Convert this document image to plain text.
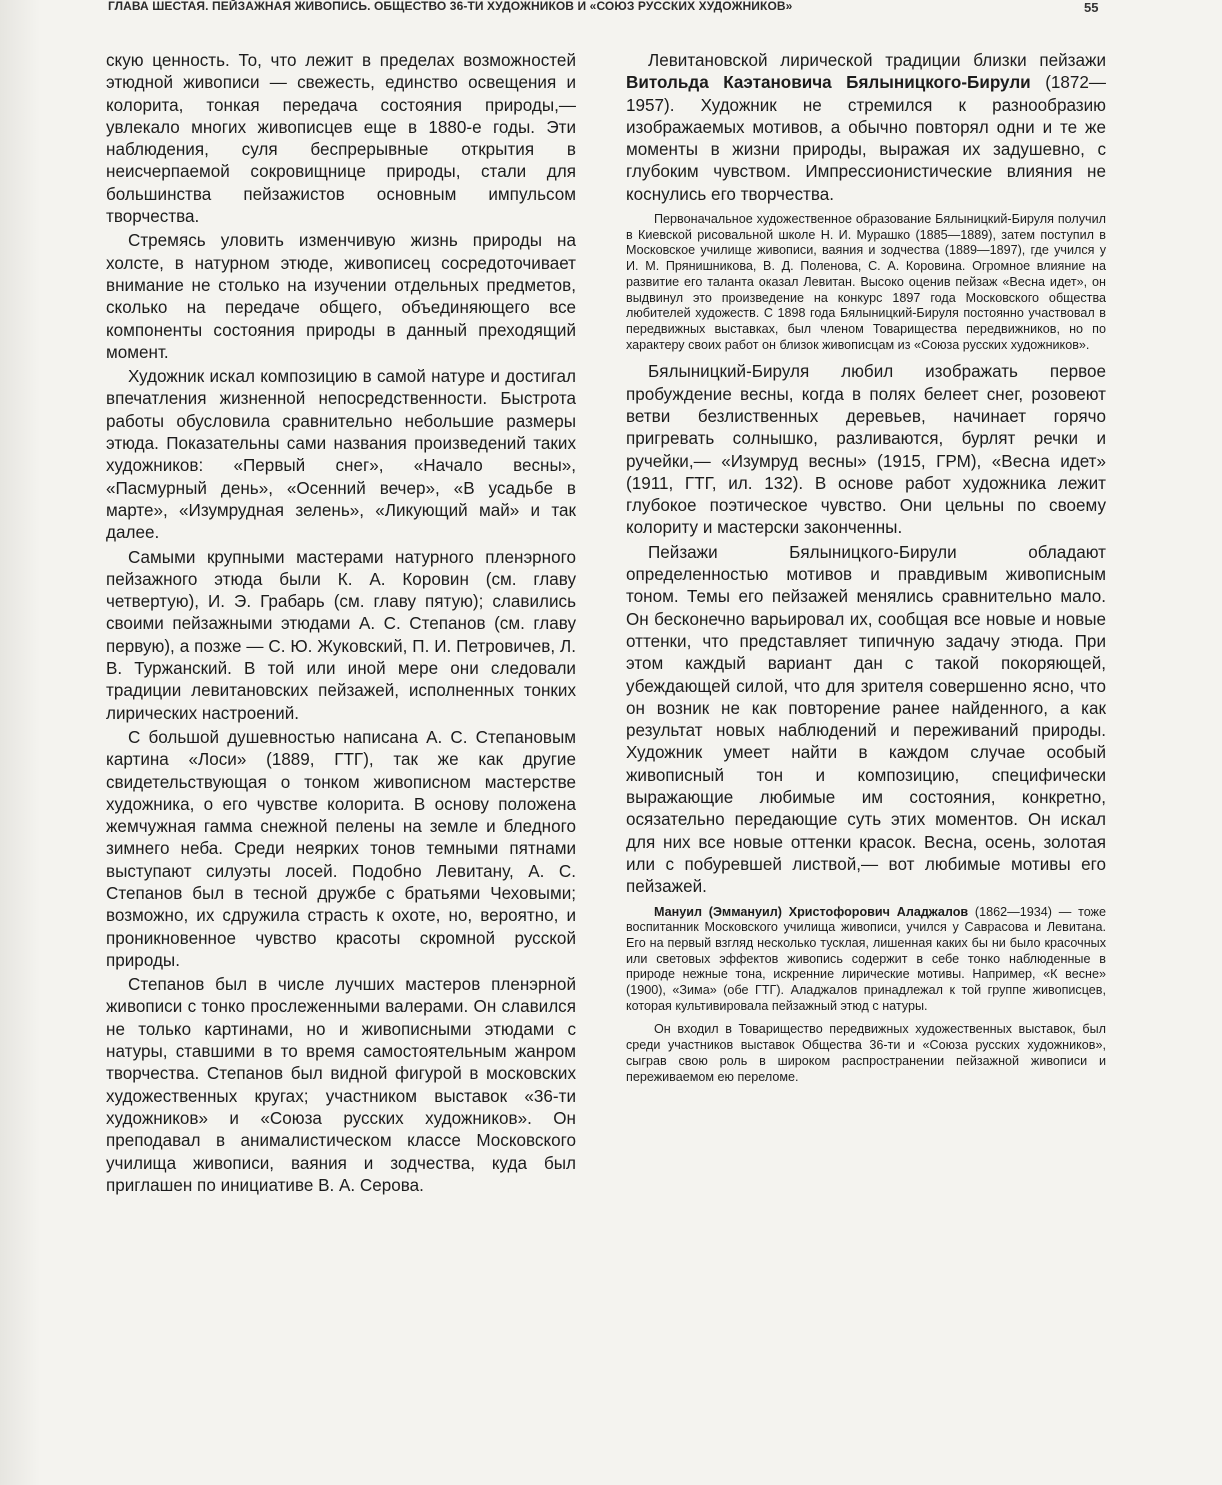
ГЛАВА ШЕСТАЯ. ПЕЙЗАЖНАЯ ЖИВОПИСЬ. ОБЩЕСТВО 36-ТИ ХУДОЖНИКОВ И «СОЮЗ РУССКИХ ХУДОЖНИКОВ»	55

скую ценность. То, что лежит в пределах возможностей этюдной живописи — свежесть, единство освещения и колорита, тонкая передача состояния природы,— увлекало многих живописцев еще в 1880-е годы. Эти наблюдения, суля беспрерывные открытия в неисчерпаемой сокровищнице природы, стали для большинства пейзажистов основным импульсом творчества.

Стремясь уловить изменчивую жизнь природы на холсте, в натурном этюде, живописец сосредоточивает внимание не столько на изучении отдельных предметов, сколько на передаче общего, объединяющего все компоненты состояния природы в данный преходящий момент.

Художник искал композицию в самой натуре и достигал впечатления жизненной непосредственности. Быстрота работы обусловила сравнительно небольшие размеры этюда. Показательны сами названия произведений таких художников: «Первый снег», «Начало весны», «Пасмурный день», «Осенний вечер», «В усадьбе в марте», «Изумрудная зелень», «Ликующий май» и так далее.

Самыми крупными мастерами натурного пленэрного пейзажного этюда были К. А. Коровин (см. главу четвертую), И. Э. Грабарь (см. главу пятую); славились своими пейзажными этюдами А. С. Степанов (см. главу первую), а позже — С. Ю. Жуковский, П. И. Петровичев, Л. В. Туржанский. В той или иной мере они следовали традиции левитановских пейзажей, исполненных тонких лирических настроений.

С большой душевностью написана А. С. Степановым картина «Лоси» (1889, ГТГ), так же как другие свидетельствующая о тонком живописном мастерстве художника, о его чувстве колорита. В основу положена жемчужная гамма снежной пелены на земле и бледного зимнего неба. Среди неярких тонов темными пятнами выступают силуэты лосей. Подобно Левитану, А. С. Степанов был в тесной дружбе с братьями Чеховыми; возможно, их сдружила страсть к охоте, но, вероятно, и проникновенное чувство красоты скромной русской природы.

Степанов был в числе лучших мастеров пленэрной живописи с тонко прослеженными валерами. Он славился не только картинами, но и живописными этюдами с натуры, ставшими в то время самостоятельным жанром творчества. Степанов был видной фигурой в московских художественных кругах; участником выставок «36-ти художников» и «Союза русских художников». Он преподавал в анималистическом классе Московского училища живописи, ваяния и зодчества, куда был приглашен по инициативе В. А. Серова.

Левитановской лирической традиции близки пейзажи Витольда Каэтановича Бялыницкого-Бирули (1872—1957). Художник не стремился к разнообразию изображаемых мотивов, а обычно повторял одни и те же моменты в жизни природы, выражая их задушевно, с глубоким чувством. Импрессионистические влияния не коснулись его творчества.

Первоначальное художественное образование Бялыницкий-Бируля получил в Киевской рисовальной школе Н. И. Мурашко (1885—1889), затем поступил в Московское училище живописи, ваяния и зодчества (1889—1897), где учился у И. М. Прянишникова, В. Д. Поленова, С. А. Коровина. Огромное влияние на развитие его таланта оказал Левитан. Высоко оценив пейзаж «Весна идет», он выдвинул это произведение на конкурс 1897 года Московского общества любителей художеств. С 1898 года Бялыницкий-Бируля постоянно участвовал в передвижных выставках, был членом Товарищества передвижников, но по характеру своих работ он близок живописцам из «Союза русских художников».

Бялыницкий-Бируля любил изображать первое пробуждение весны, когда в полях белеет снег, розовеют ветви безлиственных деревьев, начинает горячо пригревать солнышко, разливаются, бурлят речки и ручейки,— «Изумруд весны» (1915, ГРМ), «Весна идет» (1911, ГТГ, ил. 132). В основе работ художника лежит глубокое поэтическое чувство. Они цельны по своему колориту и мастерски законченны.

Пейзажи Бялыницкого-Бирули обладают определенностью мотивов и правдивым живописным тоном. Темы его пейзажей менялись сравнительно мало. Он бесконечно варьировал их, сообщая все новые и новые оттенки, что представляет типичную задачу этюда. При этом каждый вариант дан с такой покоряющей, убеждающей силой, что для зрителя совершенно ясно, что он возник не как повторение ранее найденного, а как результат новых наблюдений и переживаний природы. Художник умеет найти в каждом случае особый живописный тон и композицию, специфически выражающие любимые им состояния, конкретно, осязательно передающие суть этих моментов. Он искал для них все новые оттенки красок. Весна, осень, золотая или с побуревшей листвой,— вот любимые мотивы его пейзажей.

Мануил (Эммануил) Христофорович Аладжалов (1862—1934) — тоже воспитанник Московского училища живописи, учился у Саврасова и Левитана. Его на первый взгляд несколько тусклая, лишенная каких бы ни было красочных или световых эффектов живопись содержит в себе тонко наблюденные в природе нежные тона, искренние лирические мотивы. Например, «К весне» (1900), «Зима» (обе ГТГ). Аладжалов принадлежал к той группе живописцев, которая культивировала пейзажный этюд с натуры.

Он входил в Товарищество передвижных художественных выставок, был среди участников выставок Общества 36-ти и «Союза русских художников», сыграв свою роль в широком распространении пейзажной живописи и переживаемом ею переломе.
